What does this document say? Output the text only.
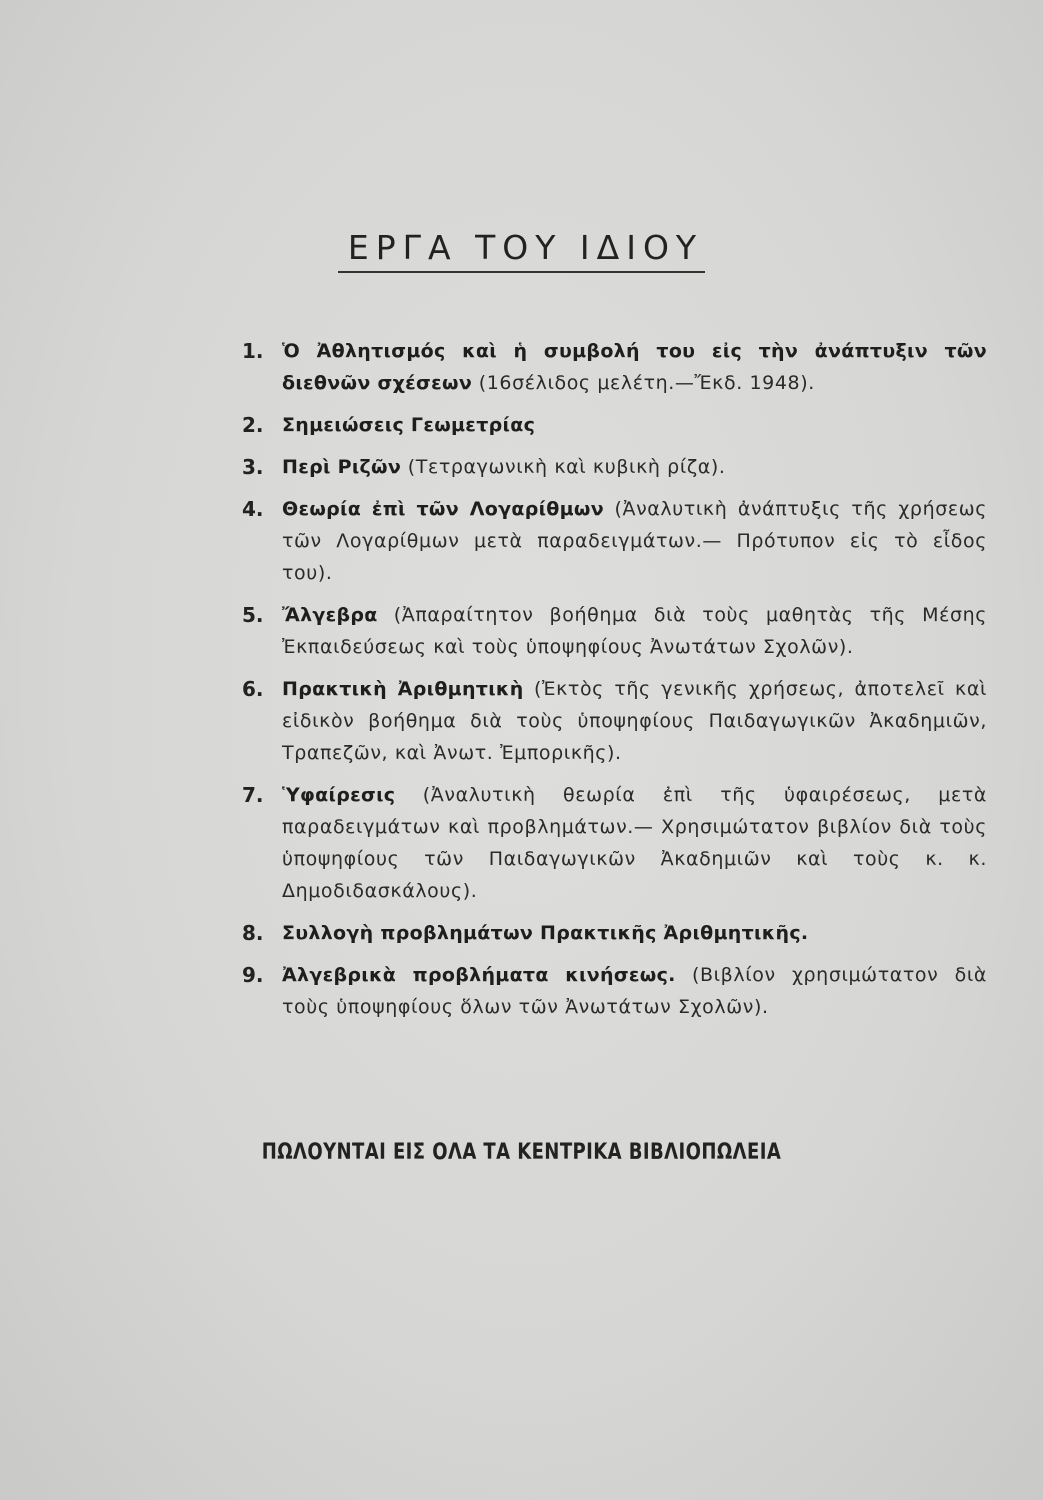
ΕΡΓΑ ΤΟΥ ΙΔΙΟΥ
1. Ὁ Ἀθλητισμός καὶ ἡ συμβολή του εἰς τὴν ἀνάπτυξιν τῶν διεθνῶν σχέσεων (16σέλιδος μελέτη.—Ἔκδ. 1948).
2. Σημειώσεις Γεωμετρίας
3. Περὶ Ριζῶν (Τετραγωνικὴ καὶ κυβικὴ ρίζα).
4. Θεωρία ἐπὶ τῶν Λογαρίθμων (Ἀναλυτικὴ ἀνάπτυξις τῆς χρήσεως τῶν Λογαρίθμων μετὰ παραδειγμάτων.— Πρότυπον εἰς τὸ εἶδος του).
5. Ἄλγεβρα (Ἀπαραίτητον βοήθημα διὰ τοὺς μαθητὰς τῆς Μέσης Ἐκπαιδεύσεως καὶ τοὺς ὑποψηφίους Ἀνωτάτων Σχολῶν).
6. Πρακτικὴ Ἀριθμητικὴ (Ἐκτὸς τῆς γενικῆς χρήσεως, ἀποτελεῖ καὶ εἰδικὸν βοήθημα διὰ τοὺς ὑποψηφίους Παιδαγωγικῶν Ἀκαδημιῶν, Τραπεζῶν, καὶ Ἀνωτ. Ἐμπορικῆς).
7. Ὑφαίρεσις (Ἀναλυτικὴ θεωρία ἐπὶ τῆς ὑφαιρέσεως, μετὰ παραδειγμάτων καὶ προβλημάτων.— Χρησιμώτατον βιβλίον διὰ τοὺς ὑποψηφίους τῶν Παιδαγωγικῶν Ἀκαδημιῶν καὶ τοὺς κ. κ. Δημοδιδασκάλους).
8. Συλλογὴ προβλημάτων Πρακτικῆς Ἀριθμητικῆς.
9. Ἀλγεβρικὰ προβλήματα κινήσεως. (Βιβλίον χρησιμώτατον διὰ τοὺς ὑποψηφίους ὅλων τῶν Ἀνωτάτων Σχολῶν).
ΠΩΛΟΥΝΤΑΙ ΕΙΣ ΟΛΑ ΤΑ ΚΕΝΤΡΙΚΑ ΒΙΒΛΙΟΠΩΛΕΙΑ
